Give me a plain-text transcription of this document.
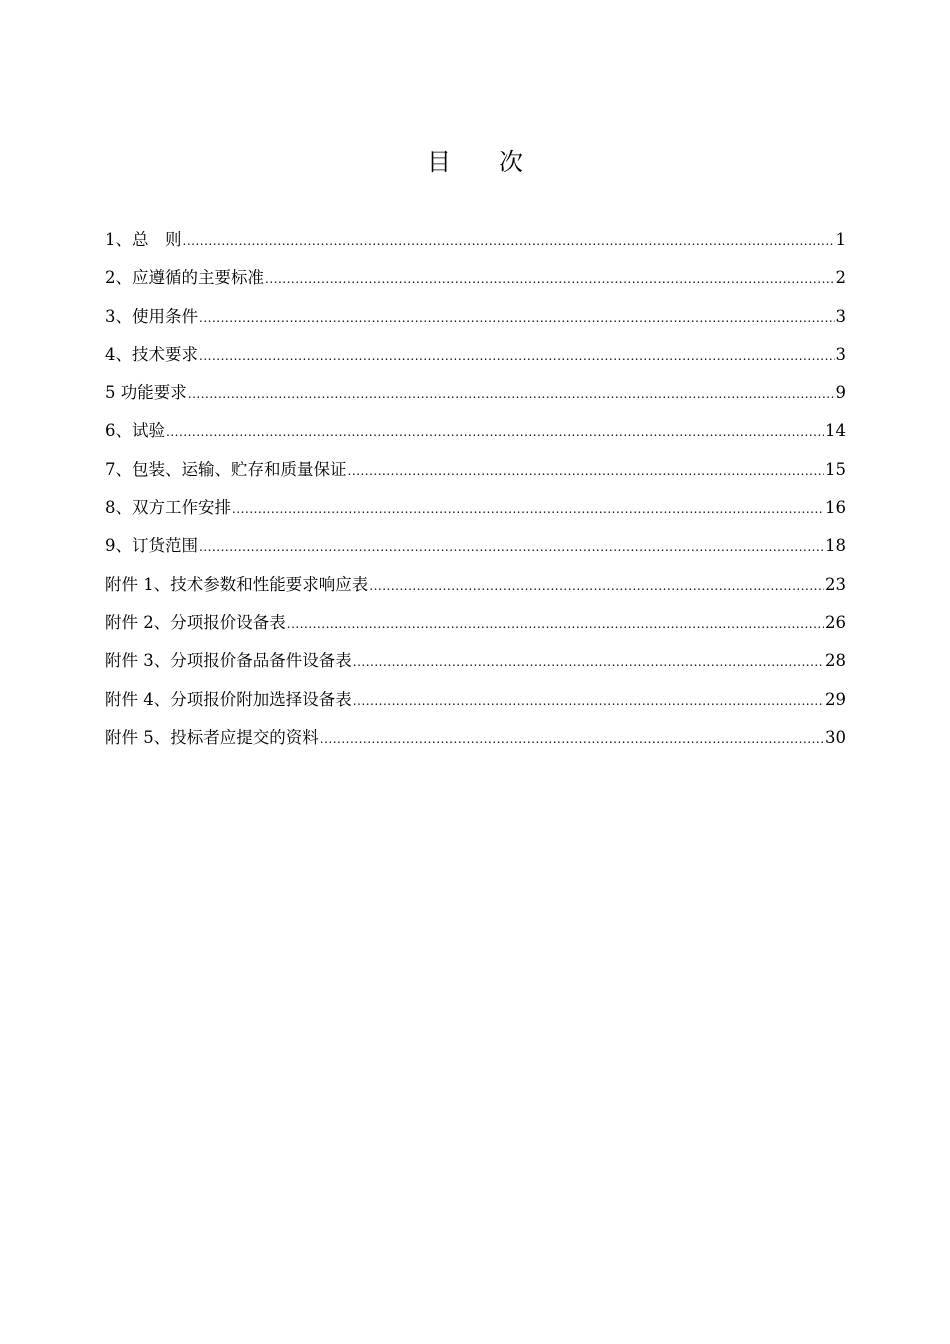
目　　次
1、总　则 .....	1
2、应遵循的主要标准 .....	2
3、使用条件 .....	3
4、技术要求 .....	3
5 功能要求 .....	9
6、试验 .....	14
7、包装、运输、贮存和质量保证 .....	15
8、双方工作安排 .....	16
9、订货范围 .....	18
附件 1、技术参数和性能要求响应表 .....	23
附件 2、分项报价设备表 .....	26
附件 3、分项报价备品备件设备表 .....	28
附件 4、分项报价附加选择设备表 .....	29
附件 5、投标者应提交的资料 .....	30
